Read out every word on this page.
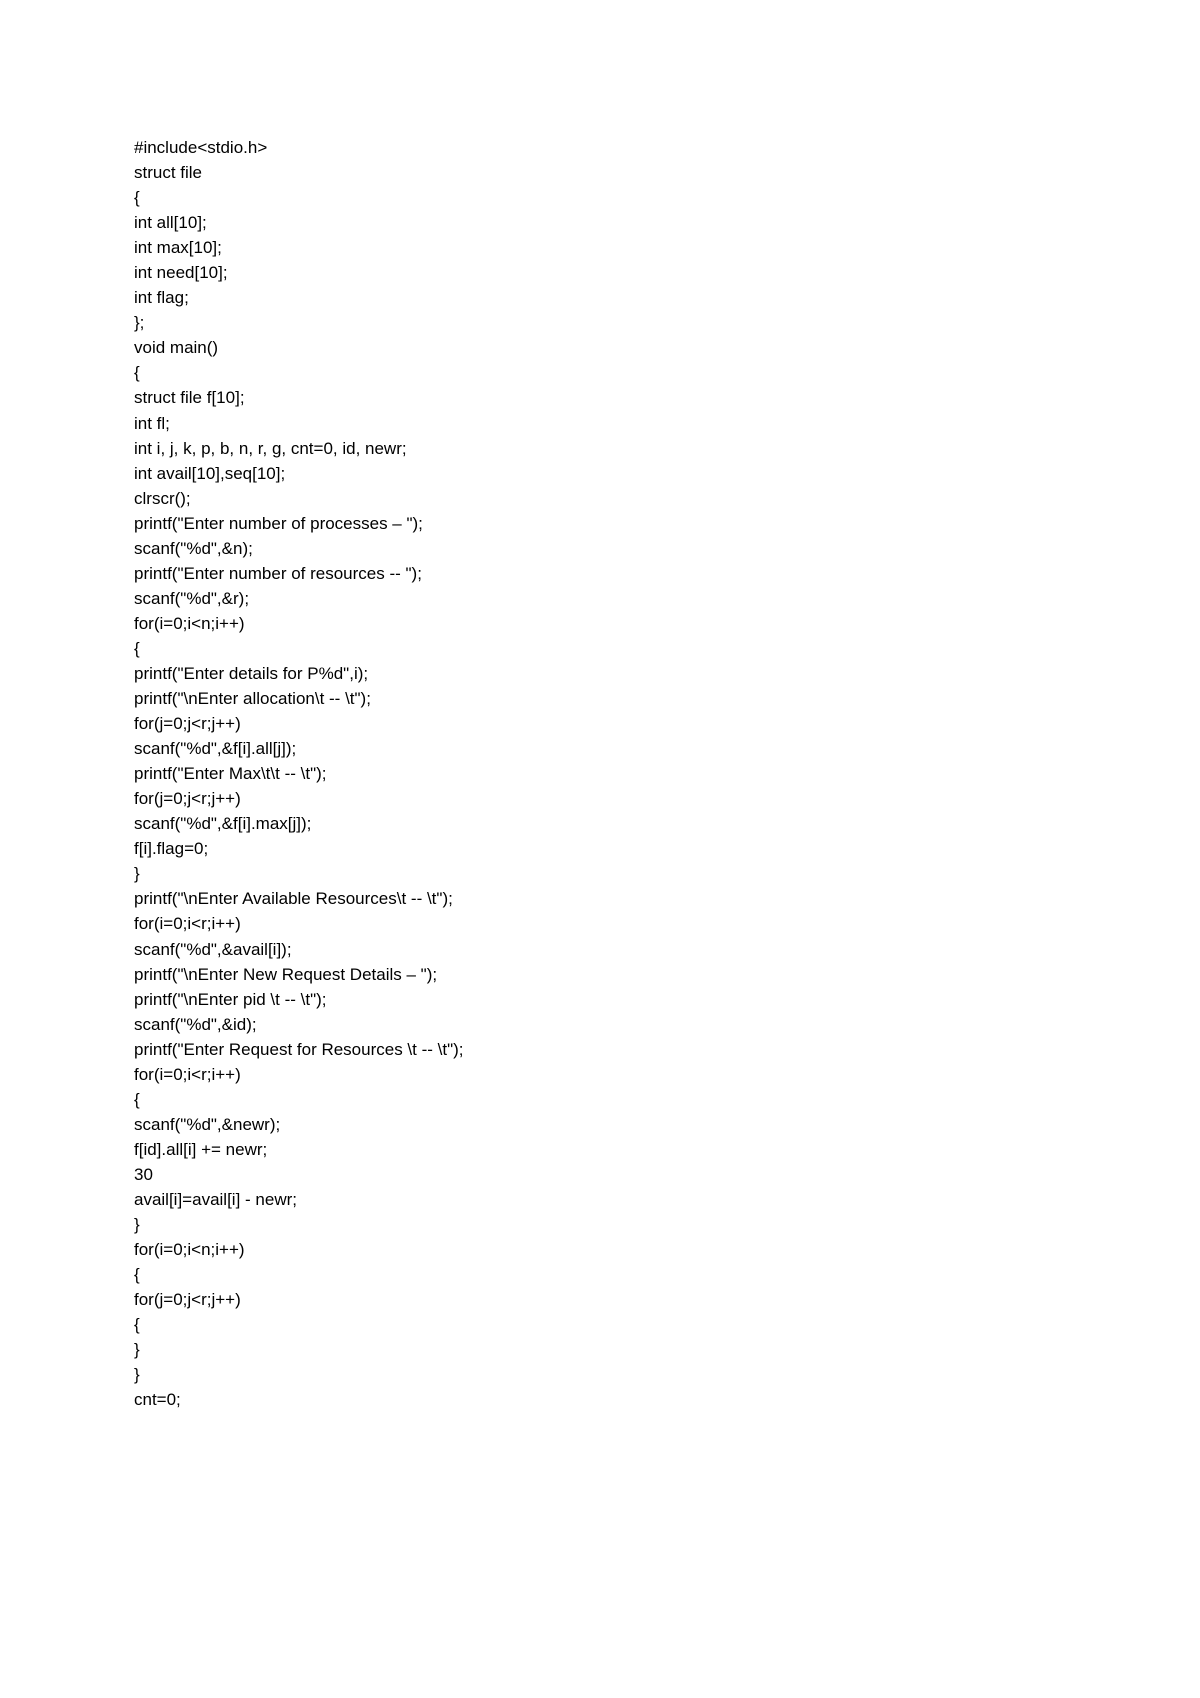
#include<stdio.h>
struct file
{
int all[10];
int max[10];
int need[10];
int flag;
};
void main()
{
struct file f[10];
int fl;
int i, j, k, p, b, n, r, g, cnt=0, id, newr;
int avail[10],seq[10];
clrscr();
printf("Enter number of processes – ");
scanf("%d",&n);
printf("Enter number of resources -- ");
scanf("%d",&r);
for(i=0;i<n;i++)
{
printf("Enter details for P%d",i);
printf("\nEnter allocation\t -- \t");
for(j=0;j<r;j++)
scanf("%d",&f[i].all[j]);
printf("Enter Max\t\t -- \t");
for(j=0;j<r;j++)
scanf("%d",&f[i].max[j]);
f[i].flag=0;
}
printf("\nEnter Available Resources\t -- \t");
for(i=0;i<r;i++)
scanf("%d",&avail[i]);
printf("\nEnter New Request Details – ");
printf("\nEnter pid \t -- \t");
scanf("%d",&id);
printf("Enter Request for Resources \t -- \t");
for(i=0;i<r;i++)
{
scanf("%d",&newr);
f[id].all[i] += newr;
30
avail[i]=avail[i] - newr;
}
for(i=0;i<n;i++)
{
for(j=0;j<r;j++)
{
}
}
cnt=0;
